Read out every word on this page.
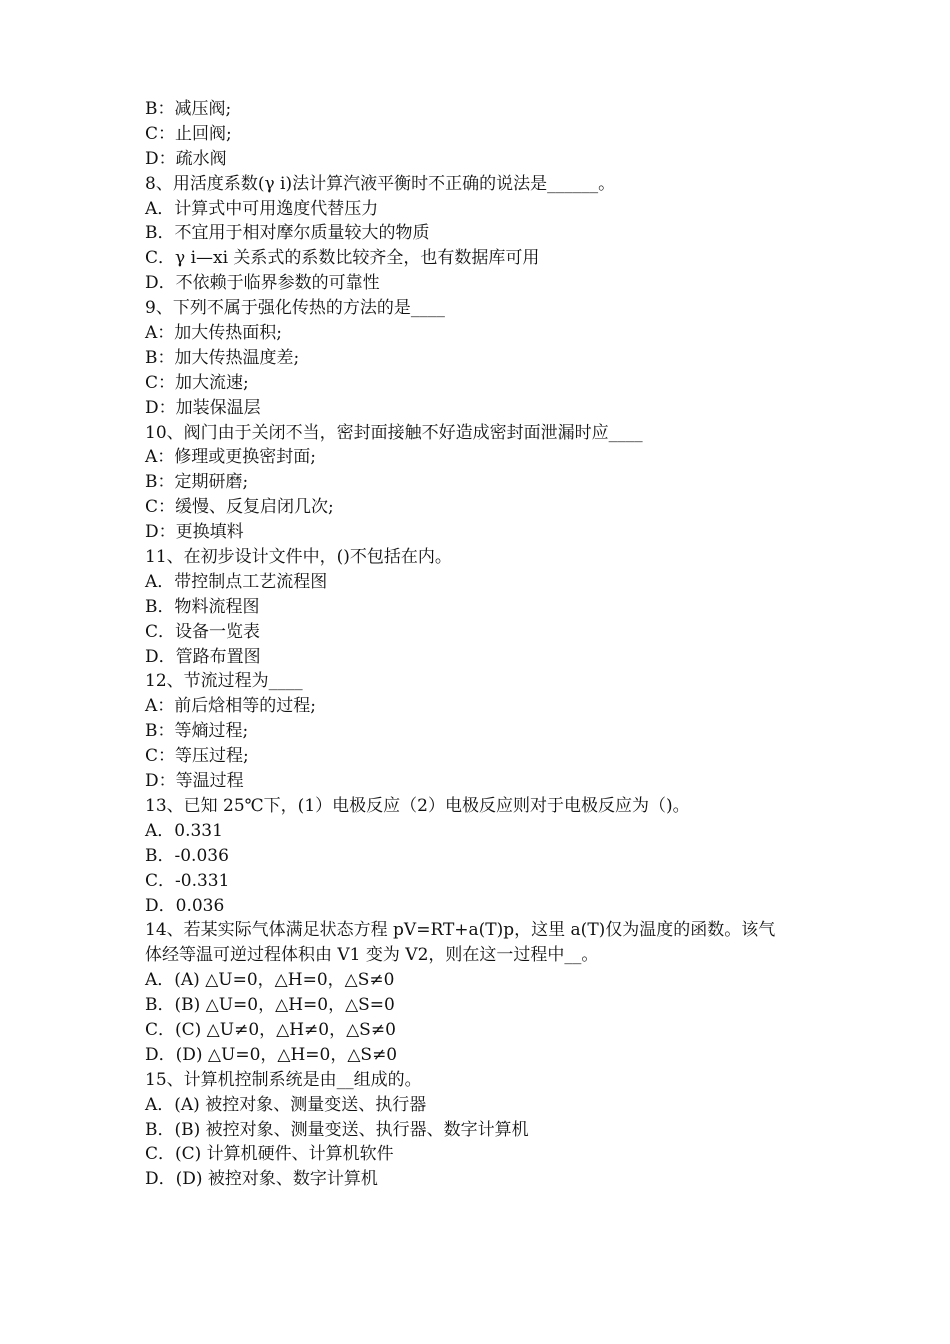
B：减压阀;
C：止回阀;
D：疏水阀
8、用活度系数(γ i)法计算汽液平衡时不正确的说法是______。
A．计算式中可用逸度代替压力
B．不宜用于相对摩尔质量较大的物质
C．γ i—xi 关系式的系数比较齐全，也有数据库可用
D．不依赖于临界参数的可靠性
9、下列不属于强化传热的方法的是____
A：加大传热面积;
B：加大传热温度差;
C：加大流速;
D：加装保温层
10、阀门由于关闭不当，密封面接触不好造成密封面泄漏时应____
A：修理或更换密封面;
B：定期研磨;
C：缓慢、反复启闭几次;
D：更换填料
11、在初步设计文件中，()不包括在内。
A．带控制点工艺流程图
B．物料流程图
C．设备一览表
D．管路布置图
12、节流过程为____
A：前后焓相等的过程;
B：等熵过程;
C：等压过程;
D：等温过程
13、已知 25℃下，(1）电极反应（2）电极反应则对于电极反应为（)。
A．0.331
B．-0.036
C．-0.331
D．0.036
14、若某实际气体满足状态方程 pV=RT+a(T)p，这里 a(T)仅为温度的函数。该气
体经等温可逆过程体积由 V1 变为 V2，则在这一过程中__。
A．(A) △U=0，△H=0，△S≠0
B．(B) △U=0，△H=0，△S=0
C．(C) △U≠0，△H≠0，△S≠0
D．(D) △U=0，△H=0，△S≠0
15、计算机控制系统是由__组成的。
A．(A) 被控对象、测量变送、执行器
B．(B) 被控对象、测量变送、执行器、数字计算机
C．(C) 计算机硬件、计算机软件
D．(D) 被控对象、数字计算机
